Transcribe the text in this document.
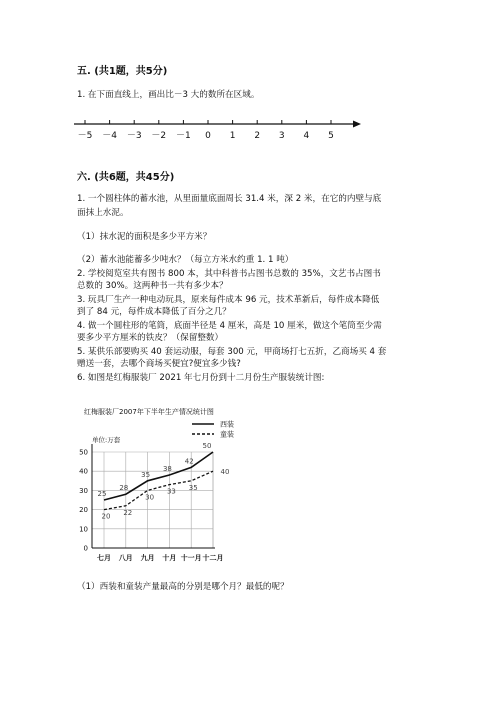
五. (共1题，共5分)
1. 在下面直线上，画出比－3 大的数所在区域。
－5 －4 －3 －2 －1 0 1 2 3 4 5
六. (共6题，共45分)
1. 一个圆柱体的蓄水池，从里面量底面周长 31.4 米，深 2 米，在它的内壁与底
面抹上水泥。
（1）抹水泥的面积是多少平方米？
（2）蓄水池能蓄多少吨水？（每立方米水约重 1. 1 吨）
2. 学校阅览室共有图书 800 本，其中科普书占图书总数的 35%，文艺书占图书
总数的 30%。这两种书一共有多少本？
3. 玩具厂生产一种电动玩具，原来每件成本 96 元，技术革新后，每件成本降低
到了 84 元，每件成本降低了百分之几？
4. 做一个圆柱形的笔筒，底面半径是 4 厘米，高是 10 厘米，做这个笔筒至少需
要多少平方厘米的铁皮？（保留整数）
5. 某供乐部要购买 40 套运动服，每套 300 元，甲商场打七五折，乙商场买 4 套
赠送一套，去哪个商场买便宜?便宜多少钱?
6. 如图是红梅服装厂 2021 年七月份到十二月份生产服装统计图:
红梅服装厂2007年下半年生产情况统计图
单位:万套
西装
童装
0
10
20
30
40
50
七月 八月 九月 十月 十一月 十二月
25
28
35
38
42
50
20 22
30
33 35
40
（1）西装和童装产量最高的分别是哪个月？最低的呢？
